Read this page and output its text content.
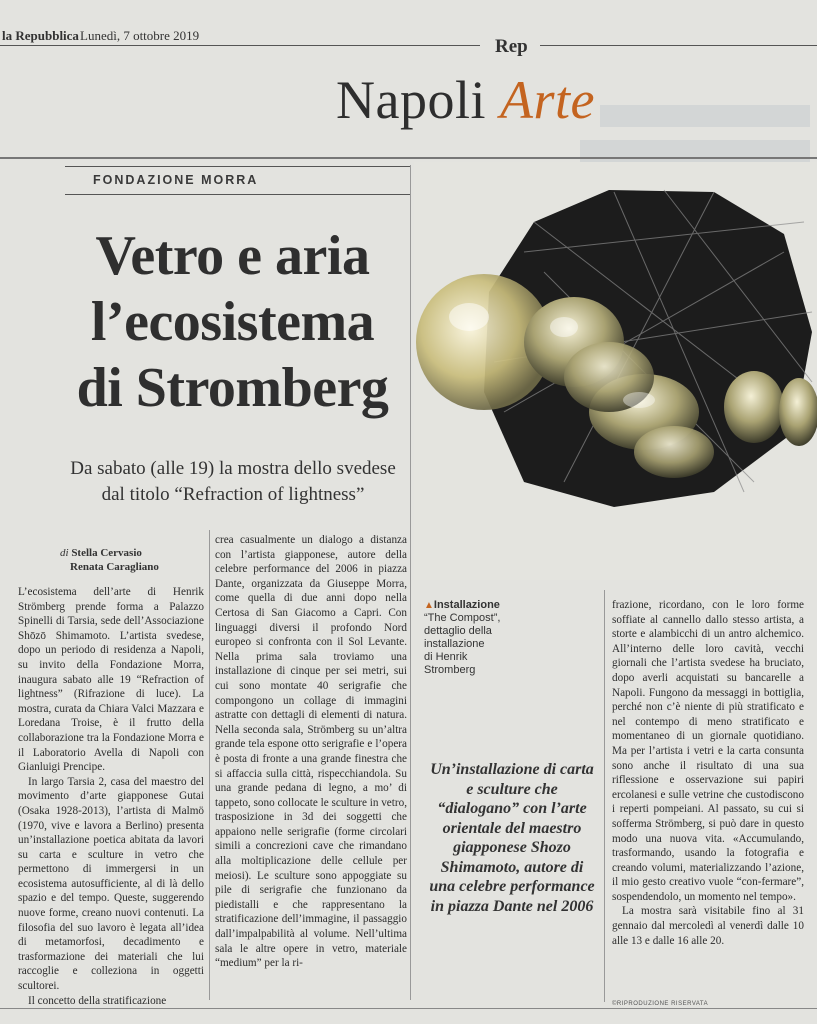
la Repubblica Lunedì, 7 ottobre 2019
Rep
Napoli Arte
FONDAZIONE MORRA
Vetro e aria
l’ecosistema
di Stromberg
Da sabato (alle 19) la mostra dello svedese
dal titolo “Refraction of lightness”
di Stella Cervasio
Renata Caragliano

L’ecosistema dell’arte di Henrik Strömberg prende forma a Palazzo Spinelli di Tarsia, sede dell’Associazione Shōzō Shimamoto. L’artista svedese, dopo un periodo di residenza a Napoli, su invito della Fondazione Morra, inaugura sabato alle 19 “Refraction of lightness” (Rifrazione di luce). La mostra, curata da Chiara Valci Mazzara e Loredana Troise, è il frutto della collaborazione tra la Fondazione Morra e il Laboratorio Avella di Napoli con Gianluigi Prencipe.

In largo Tarsia 2, casa del maestro del movimento d’arte giapponese Gutai (Osaka 1928-2013), l’artista di Malmö (1970, vive e lavora a Berlino) presenta un’installazione poetica abitata da lavori su carta e sculture in vetro che permettono di immergersi in un ecosistema autosufficiente, al di là dello spazio e del tempo. Queste, suggerendo nuove forme, creano nuovi contenuti. La filosofia del suo lavoro è legata all’idea di metamorfosi, decadimento e trasformazione dei materiali che lui raccoglie e colleziona in oggetti scultorei.

Il concetto della stratificazione

crea casualmente un dialogo a distanza con l’artista giapponese, autore della celebre performance del 2006 in piazza Dante, organizzata da Giuseppe Morra, come quella di due anni dopo nella Certosa di San Giacomo a Capri. Con linguaggi diversi il profondo Nord europeo si confronta con il Sol Levante. Nella prima sala troviamo una installazione di cinque per sei metri, sui cui sono montate 40 serigrafie che compongono un collage di immagini astratte con dettagli di elementi di natura. Nella seconda sala, Strömberg su un’altra grande tela espone otto serigrafie e l’opera è posta di fronte a una grande finestra che si affaccia sulla città, rispecchiandola. Su una grande pedana di legno, a mo’ di tappeto, sono collocate le sculture in vetro, trasposizione in 3d dei soggetti che appaiono nelle serigrafie (forme circolari simili a concrezioni cave che rimandano alla moltiplicazione delle cellule per meiosi). Le sculture sono appoggiate su pile di serigrafie che funzionano da piedistalli e che rappresentano la stratificazione dell’immagine, il passaggio dall’impalpabilità al volume. Nell’ultima sala le altre opere in vetro, materiale “medium” per la ri-

▲Installazione
“The Compost”,
dettaglio della
installazione
di Henrik
Stromberg
Un’installazione di carta e sculture che “dialogano” con l’arte orientale del maestro giapponese Shozo Shimamoto, autore di una celebre performance in piazza Dante nel 2006

frazione, ricordano, con le loro forme soffiate al cannello dallo stesso artista, a storte e alambicchi di un antro alchemico. All’interno delle loro cavità, vecchi giornali che l’artista svedese ha bruciato, dopo averli acquistati su bancarelle a Napoli. Fungono da messaggi in bottiglia, perché non c’è niente di più stratificato e nel contempo di meno stratificato e momentaneo di un giornale quotidiano. Ma per l’artista i vetri e la carta consunta sono anche il risultato di una sua riflessione e osservazione sui papiri ercolanesi e sulle vetrine che custodiscono i reperti pompeiani. Al passato, su cui si sofferma Strömberg, si può dare in questo modo una nuova vita. «Accumulando, trasformando, usando la fotografia e creando volumi, materializzando l’azione, il mio gesto creativo vuole “con-fermare”, sospendendolo, un momento nel tempo».

La mostra sarà visitabile fino al 31 gennaio dal mercoledì al venerdì dalle 10 alle 13 e dalle 16 alle 20.

©RIPRODUZIONE RISERVATA
